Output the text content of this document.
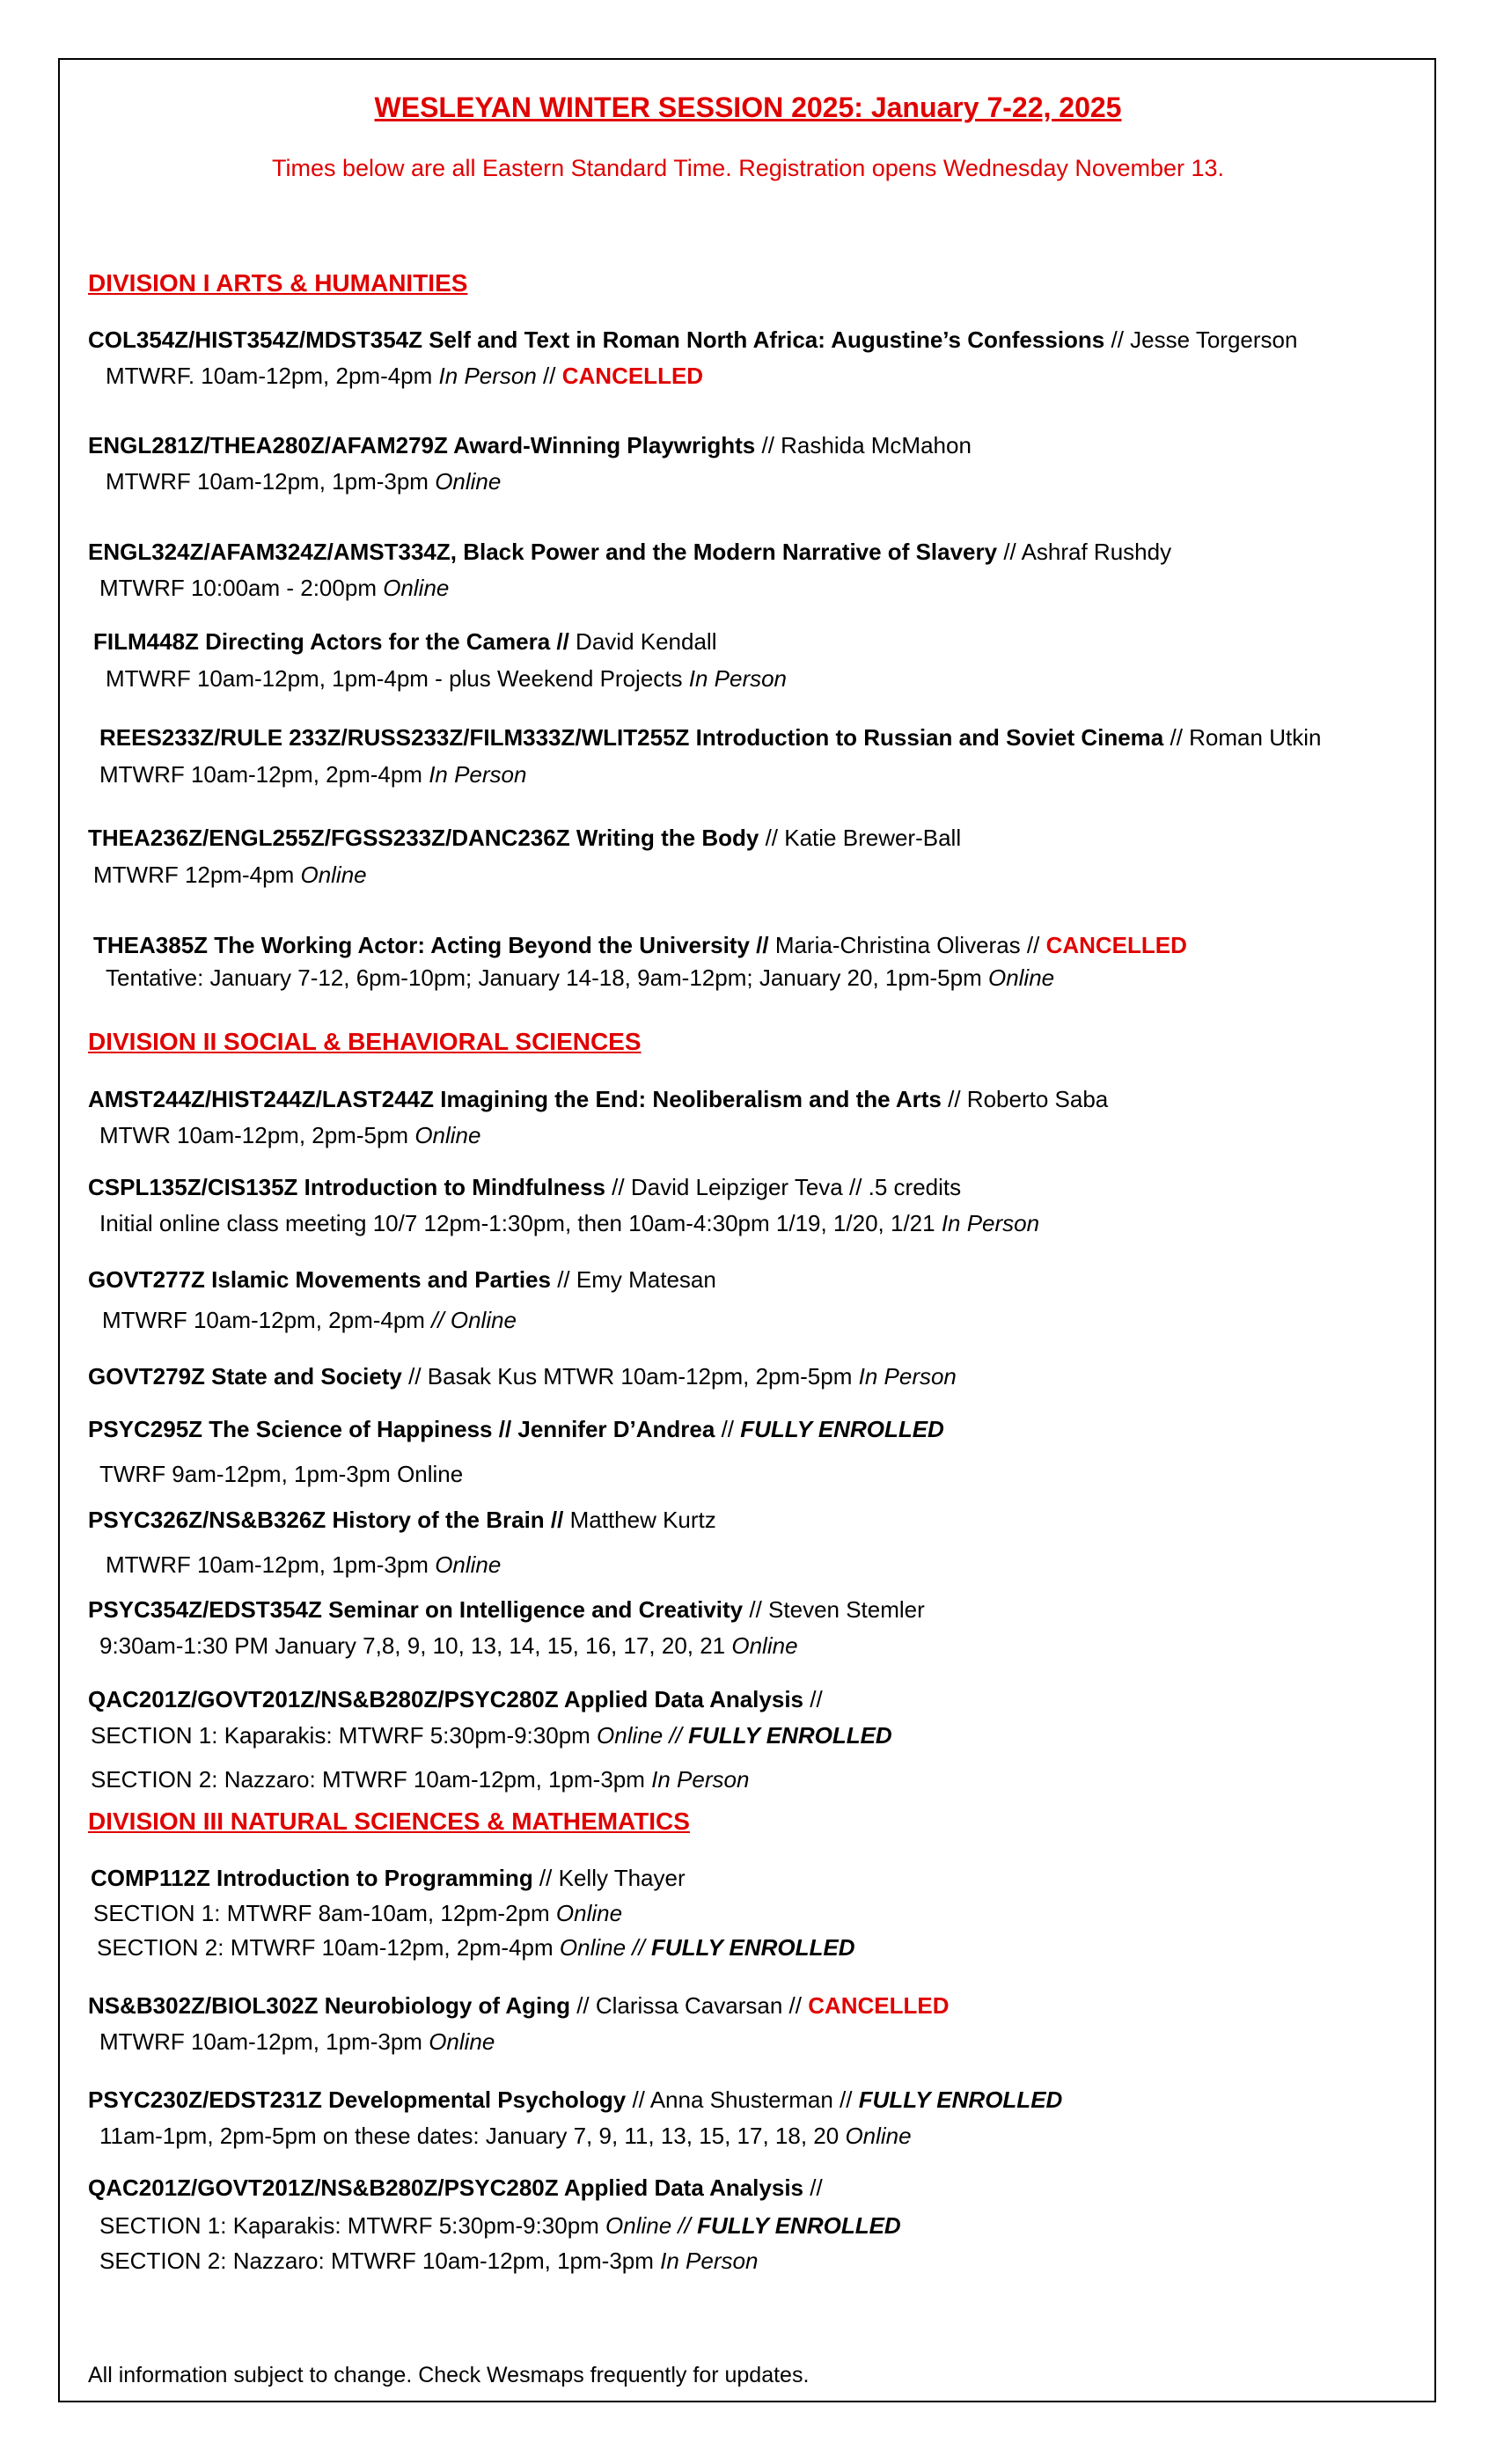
WESLEYAN WINTER SESSION 2025: January 7-22, 2025
Times below are all Eastern Standard Time. Registration opens Wednesday November 13.
DIVISION I ARTS & HUMANITIES
COL354Z/HIST354Z/MDST354Z Self and Text in Roman North Africa: Augustine’s Confessions // Jesse Torgerson
MTWRF. 10am-12pm, 2pm-4pm In Person // CANCELLED
ENGL281Z/THEA280Z/AFAM279Z Award-Winning Playwrights // Rashida McMahon
MTWRF 10am-12pm, 1pm-3pm Online
ENGL324Z/AFAM324Z/AMST334Z, Black Power and the Modern Narrative of Slavery // Ashraf Rushdy
MTWRF 10:00am - 2:00pm Online
FILM448Z Directing Actors for the Camera // David Kendall
MTWRF 10am-12pm, 1pm-4pm - plus Weekend Projects In Person
REES233Z/RULE 233Z/RUSS233Z/FILM333Z/WLIT255Z Introduction to Russian and Soviet Cinema // Roman Utkin
MTWRF 10am-12pm, 2pm-4pm In Person
THEA236Z/ENGL255Z/FGSS233Z/DANC236Z Writing the Body // Katie Brewer-Ball
MTWRF 12pm-4pm Online
THEA385Z The Working Actor: Acting Beyond the University // Maria-Christina Oliveras // CANCELLED
Tentative: January 7-12, 6pm-10pm; January 14-18, 9am-12pm; January 20, 1pm-5pm Online
DIVISION II SOCIAL & BEHAVIORAL SCIENCES
AMST244Z/HIST244Z/LAST244Z Imagining the End: Neoliberalism and the Arts // Roberto Saba
MTWR 10am-12pm, 2pm-5pm Online
CSPL135Z/CIS135Z Introduction to Mindfulness // David Leipziger Teva // .5 credits
Initial online class meeting 10/7 12pm-1:30pm, then 10am-4:30pm 1/19, 1/20, 1/21 In Person
GOVT277Z Islamic Movements and Parties // Emy Matesan
MTWRF 10am-12pm, 2pm-4pm // Online
GOVT279Z State and Society // Basak Kus MTWR 10am-12pm, 2pm-5pm In Person
PSYC295Z The Science of Happiness // Jennifer D’Andrea // FULLY ENROLLED
TWRF 9am-12pm, 1pm-3pm Online
PSYC326Z/NS&B326Z History of the Brain // Matthew Kurtz
MTWRF 10am-12pm, 1pm-3pm Online
PSYC354Z/EDST354Z Seminar on Intelligence and Creativity // Steven Stemler
9:30am-1:30 PM January 7,8, 9, 10, 13, 14, 15, 16, 17, 20, 21 Online
QAC201Z/GOVT201Z/NS&B280Z/PSYC280Z Applied Data Analysis //
SECTION 1: Kaparakis: MTWRF 5:30pm-9:30pm Online // FULLY ENROLLED
SECTION 2: Nazzaro: MTWRF 10am-12pm, 1pm-3pm In Person
DIVISION III NATURAL SCIENCES & MATHEMATICS
COMP112Z Introduction to Programming // Kelly Thayer
SECTION 1: MTWRF 8am-10am, 12pm-2pm Online
SECTION 2: MTWRF 10am-12pm, 2pm-4pm Online // FULLY ENROLLED
NS&B302Z/BIOL302Z Neurobiology of Aging // Clarissa Cavarsan // CANCELLED
MTWRF 10am-12pm, 1pm-3pm Online
PSYC230Z/EDST231Z Developmental Psychology // Anna Shusterman // FULLY ENROLLED
11am-1pm, 2pm-5pm on these dates: January 7, 9, 11, 13, 15, 17, 18, 20 Online
QAC201Z/GOVT201Z/NS&B280Z/PSYC280Z Applied Data Analysis //
SECTION 1: Kaparakis: MTWRF 5:30pm-9:30pm Online // FULLY ENROLLED
SECTION 2: Nazzaro: MTWRF 10am-12pm, 1pm-3pm In Person
All information subject to change. Check Wesmaps frequently for updates.
